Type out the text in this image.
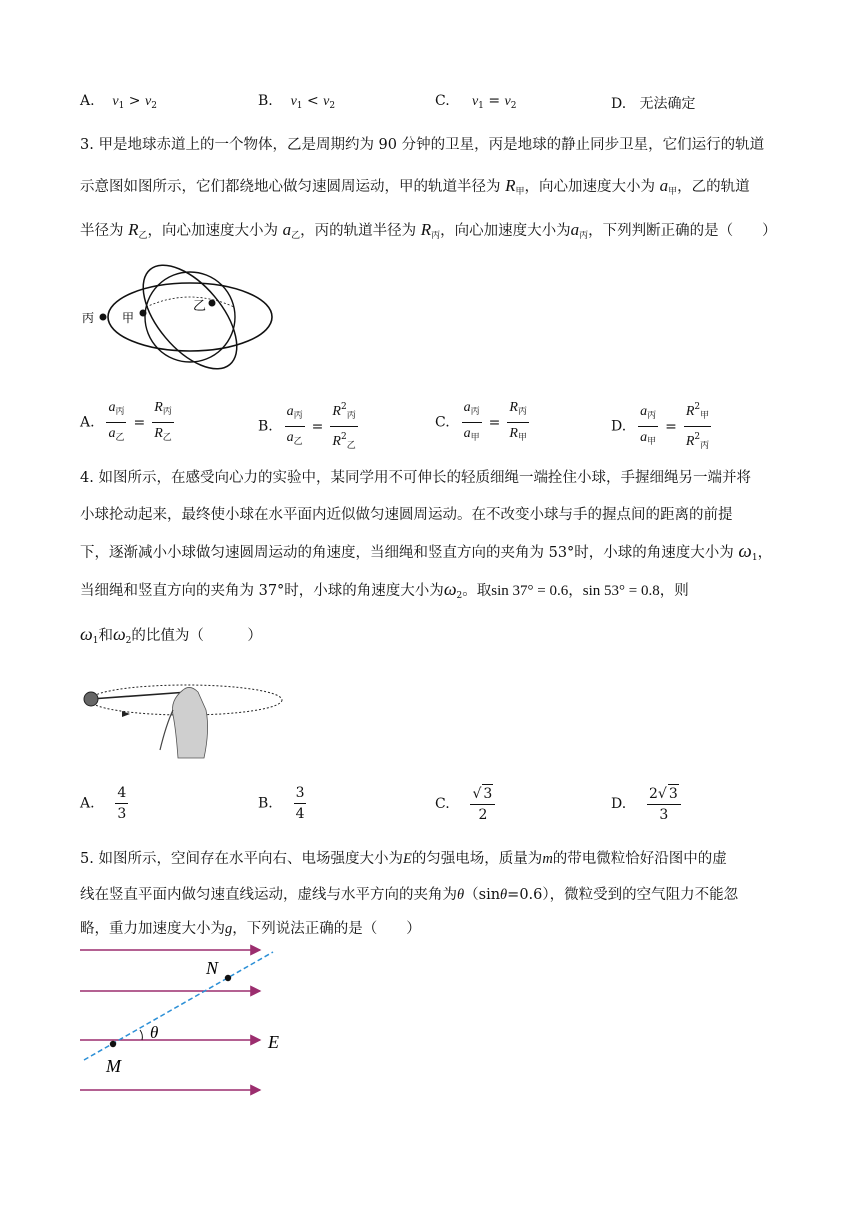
A. $v_1 > v_2$	B. $v_1 < v_2$	C. $v_1 = v_2$	D. 无法确定
3. 甲是地球赤道上的一个物体，乙是周期约为 90 分钟的卫星，丙是地球的静止同步卫星，它们运行的轨道
示意图如图所示，它们都绕地心做匀速圆周运动，甲的轨道半径为 $R_甲$，向心加速度大小为 $a_甲$，乙的轨道
半径为 $R_乙$，向心加速度大小为 $a_乙$，丙的轨道半径为 $R_丙$，向心加速度大小为$a_丙$，下列判断正确的是（　　）
丙 甲
乙
A. $\frac{a_丙}{a_乙} = \frac{R_丙}{R_乙}$	B. $\frac{a_丙}{a_乙} = \frac{R^2_丙}{R^2_乙}$	C. $\frac{a_丙}{a_甲} = \frac{R_丙}{R_甲}$	D. $\frac{a_丙}{a_甲} = \frac{R^2_甲}{R^2_丙}$
4. 如图所示，在感受向心力的实验中，某同学用不可伸长的轻质细绳一端拴住小球，手握细绳另一端并将
小球抡动起来，最终使小球在水平面内近似做匀速圆周运动。在不改变小球与手的握点间的距离的前提
下，逐渐减小小球做匀速圆周运动的角速度，当细绳和竖直方向的夹角为 53°时，小球的角速度大小为 $\omega_1$，
当细绳和竖直方向的夹角为 37°时，小球的角速度大小为$\omega_2$。取sin 37° = 0.6，sin 53° = 0.8，则
$\omega_1$和$\omega_2$的比值为（　　　）
A. $\frac{4}{3}$	B. $\frac{3}{4}$	C. $\frac{√ 3}{2}$	D. $\frac{2√ 3}{3}$
5. 如图所示，空间存在水平向右、电场强度大小为E的匀强电场，质量为m的带电微粒恰好沿图中的虚
线在竖直平面内做匀速直线运动，虚线与水平方向的夹角为θ（sinθ=0.6），微粒受到的空气阻力不能忽
略，重力加速度大小为g，下列说法正确的是（　　）
N
M
θ	E
